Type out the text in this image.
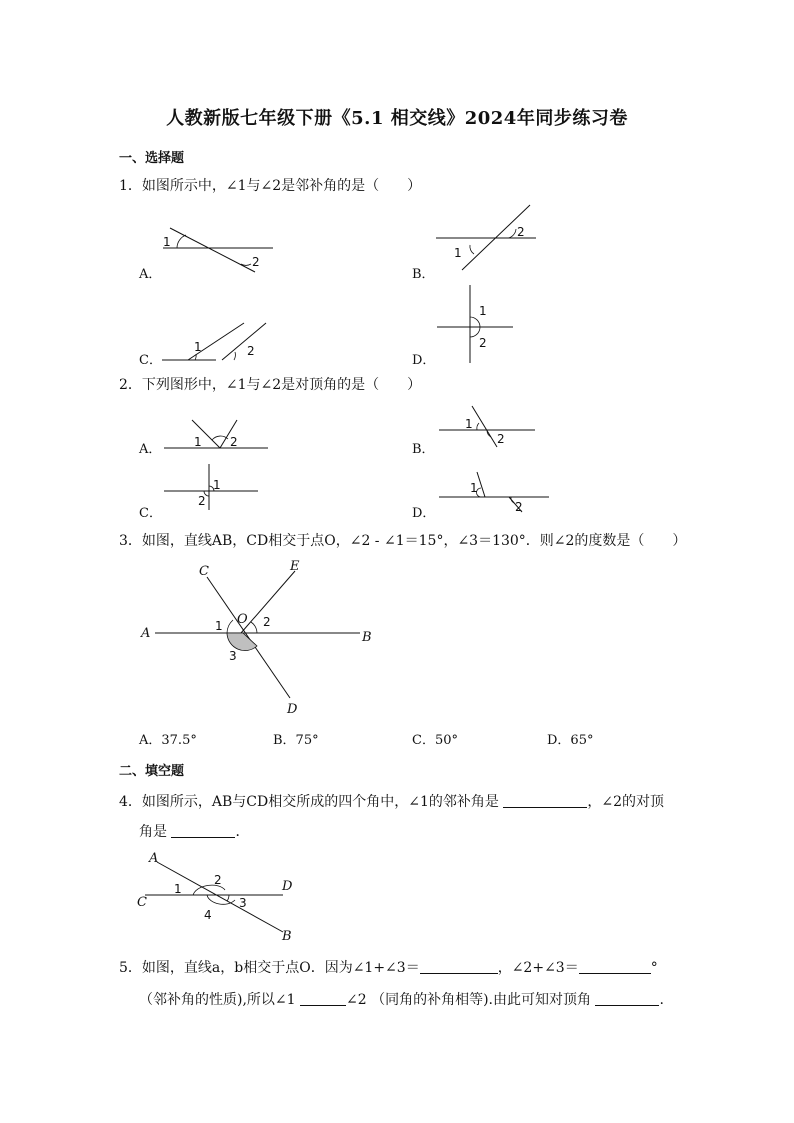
人教新版七年级下册《5.1 相交线》2024年同步练习卷
一、选择题
1．如图所示中，∠1与∠2是邻补角的是（　　）
A．
1
2
B．
2
1
C．
1	2
D．
1
2
2．下列图形中，∠1与∠2是对顶角的是（　　）
A．	1 2	B．
1
2
C．
1
2
D．
1
2
3．如图，直线AB，CD相交于点O，∠2 - ∠1＝15°，∠3＝130°．则∠2的度数是（　　）
C	E
A	B
D
O
1	2
3
A．37.5°	B．75°	C．50°	D．65°
二、填空题
4．如图所示，AB与CD相交所成的四个角中，∠1的邻补角是	，∠2的对顶
角是	．
A
D
C
B
1
2
3
4
5．如图，直线a，b相交于点O．因为∠1+∠3＝	，∠2+∠3＝	°
（邻补角的性质),所以∠1	∠2 （同角的补角相等).由此可知对顶角	.
